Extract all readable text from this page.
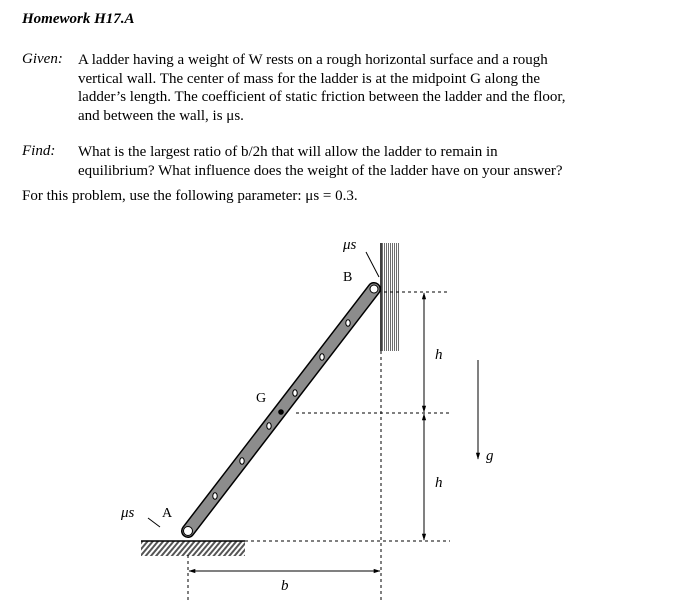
Homework H17.A
Given: A ladder having a weight of W rests on a rough horizontal surface and a rough
vertical wall. The center of mass for the ladder is at the midpoint G along the
ladder’s length. The coefficient of static friction between the ladder and the floor,
and between the wall, is μs.
Find: What is the largest ratio of b/2h that will allow the ladder to remain in
equilibrium? What influence does the weight of the ladder have on your answer?
For this problem, use the following parameter: μs = 0.3.
μs
B
G
μs A
h
h
b
g
